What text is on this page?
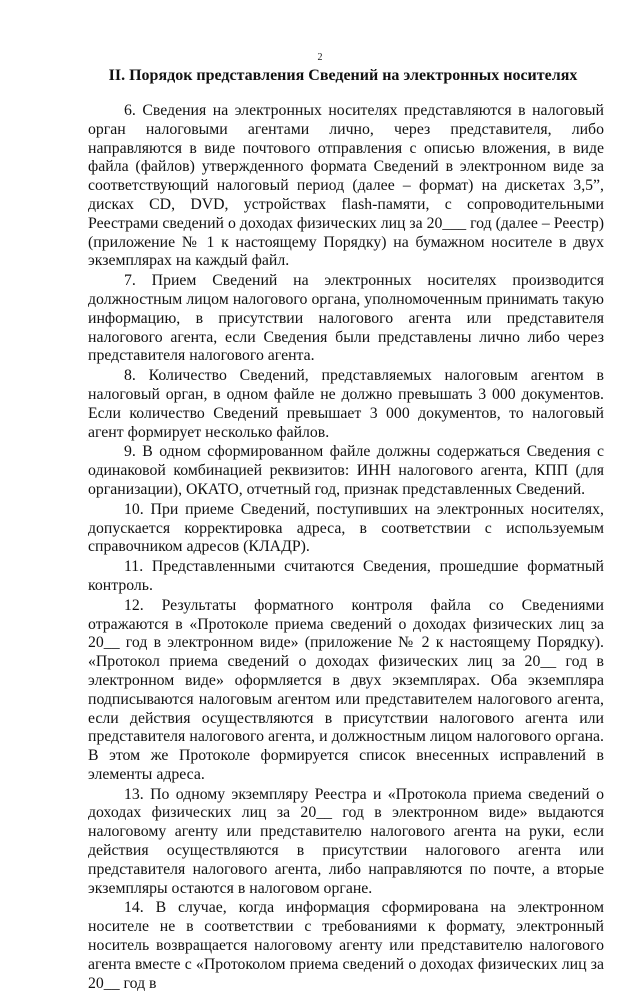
2
II. Порядок представления Сведений на электронных носителях

6. Сведения на электронных носителях представляются в налоговый орган налоговыми агентами лично, через представителя, либо направляются в виде почтового отправления с описью вложения, в виде файла (файлов) утвержденного формата Сведений в электронном виде за соответствующий налоговый период (далее – формат) на дискетах 3,5”, дисках CD, DVD, устройствах flash-памяти, с сопроводительными Реестрами сведений о доходах физических лиц за 20___ год (далее – Реестр) (приложение № 1 к настоящему Порядку) на бумажном носителе в двух экземплярах на каждый файл.

7. Прием Сведений на электронных носителях производится должностным лицом налогового органа, уполномоченным принимать такую информацию, в присутствии налогового агента или представителя налогового агента, если Сведения были представлены лично либо через представителя налогового агента.

8. Количество Сведений, представляемых налоговым агентом в налоговый орган, в одном файле не должно превышать 3 000 документов. Если количество Сведений превышает 3 000 документов, то налоговый агент формирует несколько файлов.

9. В одном сформированном файле должны содержаться Сведения с одинаковой комбинацией реквизитов: ИНН налогового агента, КПП (для организации), ОКАТО, отчетный год, признак представленных Сведений.

10. При приеме Сведений, поступивших на электронных носителях, допускается корректировка адреса, в соответствии с используемым справочником адресов (КЛАДР).

11. Представленными считаются Сведения, прошедшие форматный контроль.

12. Результаты форматного контроля файла со Сведениями отражаются в «Протоколе приема сведений о доходах физических лиц за 20__ год в электронном виде» (приложение № 2 к настоящему Порядку). «Протокол приема сведений о доходах физических лиц за 20__ год в электронном виде» оформляется в двух экземплярах. Оба экземпляра подписываются налоговым агентом или представителем налогового агента, если действия осуществляются в присутствии налогового агента или представителя налогового агента, и должностным лицом налогового органа. В этом же Протоколе формируется список внесенных исправлений в элементы адреса.

13. По одному экземпляру Реестра и «Протокола приема сведений о доходах физических лиц за 20__ год в электронном виде» выдаются налоговому агенту или представителю налогового агента на руки, если действия осуществляются в присутствии налогового агента или представителя налогового агента, либо направляются по почте, а вторые экземпляры остаются в налоговом органе.

14. В случае, когда информация сформирована на электронном носителе не в соответствии с требованиями к формату, электронный носитель возвращается налоговому агенту или представителю налогового агента вместе с «Протоколом приема сведений о доходах физических лиц за 20__ год в
